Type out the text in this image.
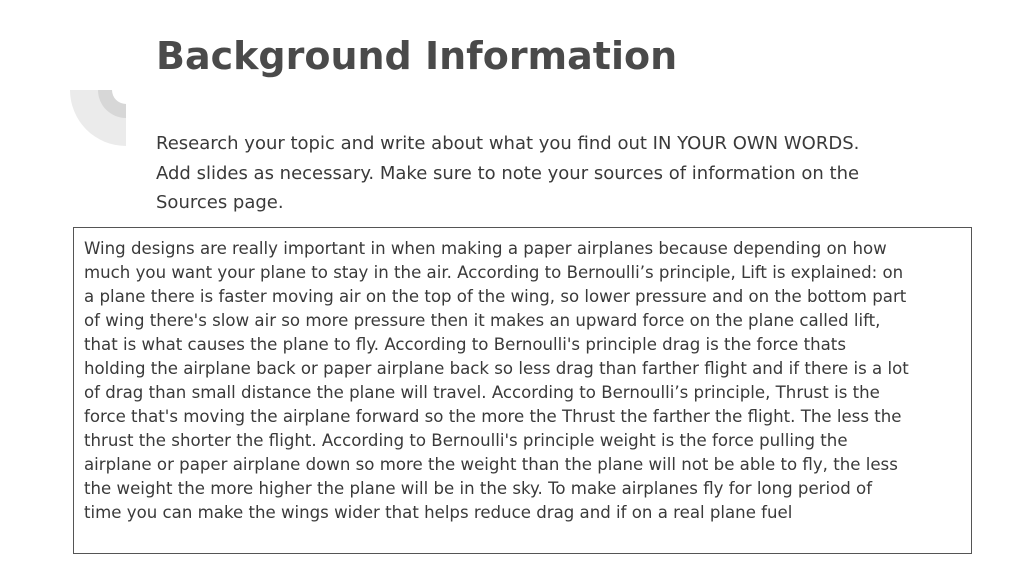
Background Information

Research your topic and write about what you find out IN YOUR OWN WORDS.
Add slides as necessary. Make sure to note your sources of information on the
Sources page.

Wing designs are really important in when making a paper airplanes because depending on how
much you want your plane to stay in the air. According to Bernoulli’s principle, Lift is explained: on
a plane there is faster moving air on the top of the wing, so lower pressure and on the bottom part
of wing there's slow air so more pressure then it makes an upward force on the plane called lift,
that is what causes the plane to fly. According to Bernoulli's principle drag is the force thats
holding the airplane back or paper airplane back so less drag than farther flight and if there is a lot
of drag than small distance the plane will travel. According to Bernoulli’s principle, Thrust is the
force that's moving the airplane forward so the more the Thrust the farther the flight. The less the
thrust the shorter the flight. According to Bernoulli's principle weight is the force pulling the
airplane or paper airplane down so more the weight than the plane will not be able to fly, the less
the weight the more higher the plane will be in the sky. To make airplanes fly for long period of
time you can make the wings wider that helps reduce drag and if on a real plane fuel
